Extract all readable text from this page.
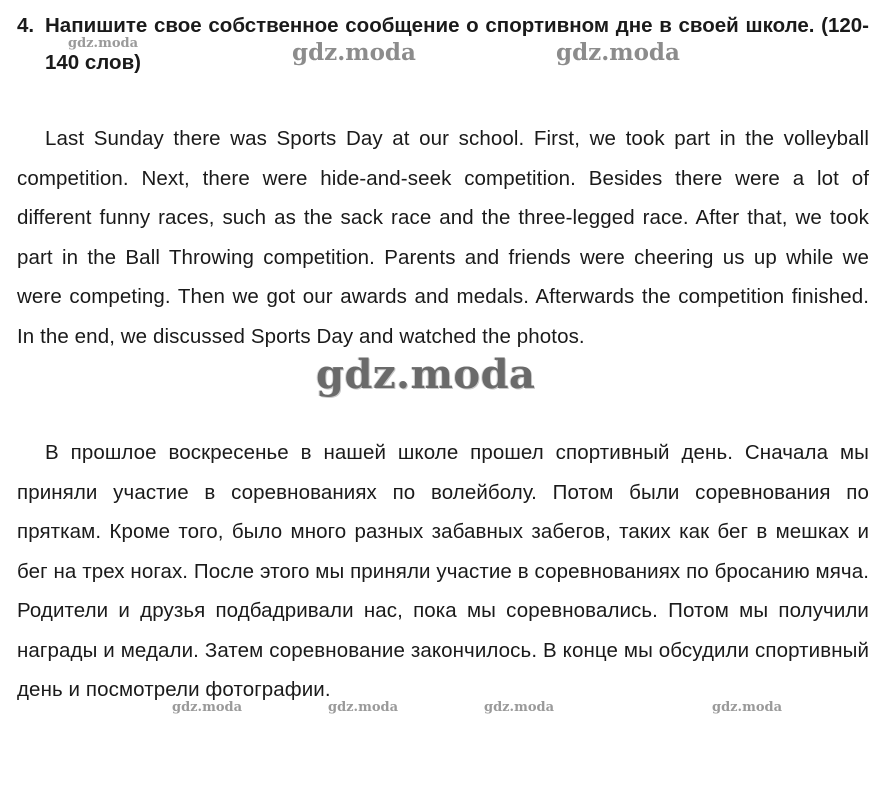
4. Напишите свое собственное сообщение о спортивном дне в своей школе. (120-140 слов)

Last Sunday there was Sports Day at our school. First, we took part in the volleyball competition. Next, there were hide-and-seek competition. Besides there were a lot of different funny races, such as the sack race and the three-legged race. After that, we took part in the Ball Throwing competition. Parents and friends were cheering us up while we were competing. Then we got our awards and medals. Afterwards the competition finished. In the end, we discussed Sports Day and watched the photos.

В прошлое воскресенье в нашей школе прошел спортивный день. Сначала мы приняли участие в соревнованиях по волейболу. Потом были соревнования по пряткам. Кроме того, было много разных забавных забегов, таких как бег в мешках и бег на трех ногах. После этого мы приняли участие в соревнованиях по бросанию мяча. Родители и друзья подбадривали нас, пока мы соревновались. Потом мы получили награды и медали. Затем соревнование закончилось. В конце мы обсудили спортивный день и посмотрели фотографии.

gdz.moda	gdz.moda	gdz.moda
gdz.moda
gdz.moda	gdz.moda	gdz.moda	gdz.moda
